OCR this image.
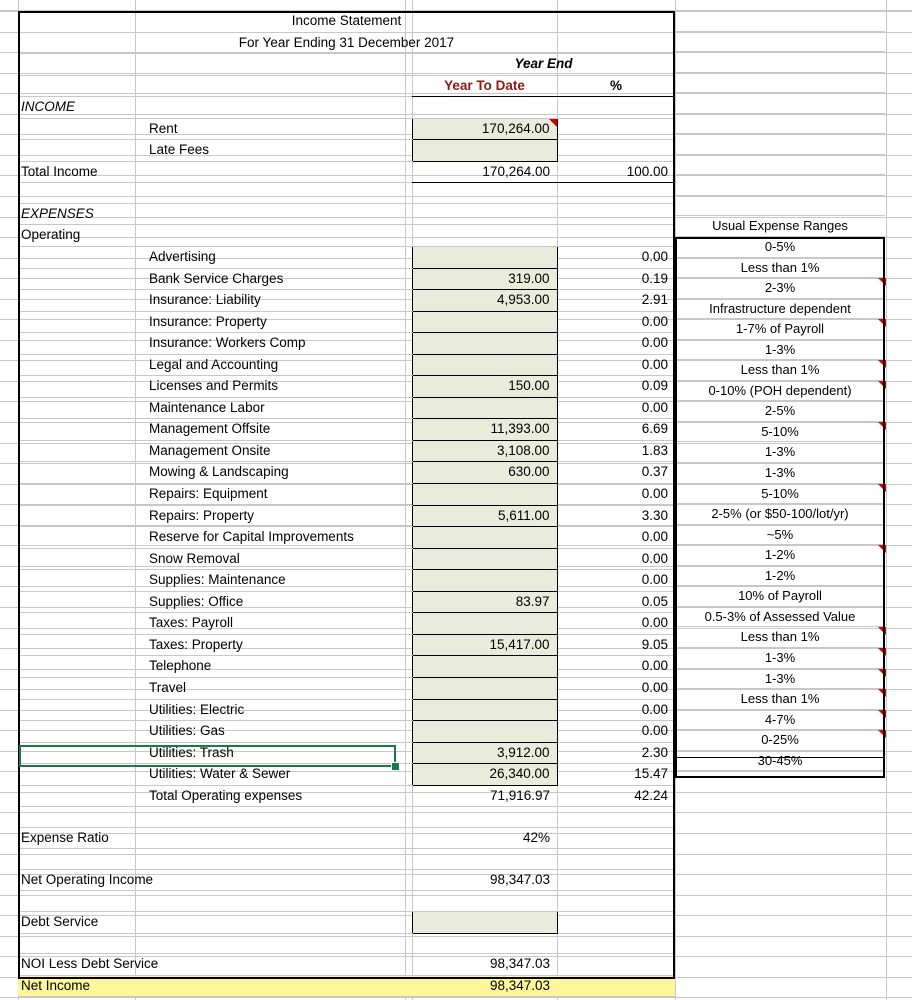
Income Statement				
For Year Ending 31 December 2017				
			Year End	
			Year To Date	%
INCOME				
	Rent		170,264.00

	Late Fees			
Total Income			170,264.00	100.00

EXPENSES				
Operating				
	Advertising			0.00
	Bank Service Charges		319.00	0.19
	Insurance: Liability		4,953.00	2.91
	Insurance: Property			0.00
	Insurance: Workers Comp			0.00
	Legal and Accounting			0.00
	Licenses and Permits		150.00	0.09
	Maintenance Labor			0.00
	Management Offsite		11,393.00	6.69
	Management Onsite		3,108.00	1.83
	Mowing & Landscaping		630.00	0.37
	Repairs: Equipment			0.00
	Repairs: Property		5,611.00	3.30
	Reserve for Capital Improvements			0.00
	Snow Removal			0.00
	Supplies: Maintenance			0.00
	Supplies: Office		83.97	0.05
	Taxes: Payroll			0.00
	Taxes: Property		15,417.00	9.05
	Telephone			0.00
	Travel			0.00
	Utilities: Electric			0.00
	Utilities: Gas			0.00
	Utilities: Trash		3,912.00	2.30
	Utilities: Water & Sewer		26,340.00	15.47
	Total Operating expenses		71,916.97	42.24

Expense Ratio			42%	

Net Operating Income			98,347.03	

Debt Service				

NOI Less Debt Service			98,347.03	
Net Income			98,347.03	
Usual Expense Ranges
0-5%
Less than 1%
2-3%
Infrastructure dependent
1-7% of Payroll
1-3%
Less than 1%
0-10% (POH dependent)
2-5%
5-10%
1-3%
1-3%
5-10%
2-5% (or $50-100/lot/yr)
~5%
1-2%
1-2%
10% of Payroll
0.5-3% of Assessed Value
Less than 1%
1-3%
1-3%
Less than 1%
4-7%
0-25%
30-45%
